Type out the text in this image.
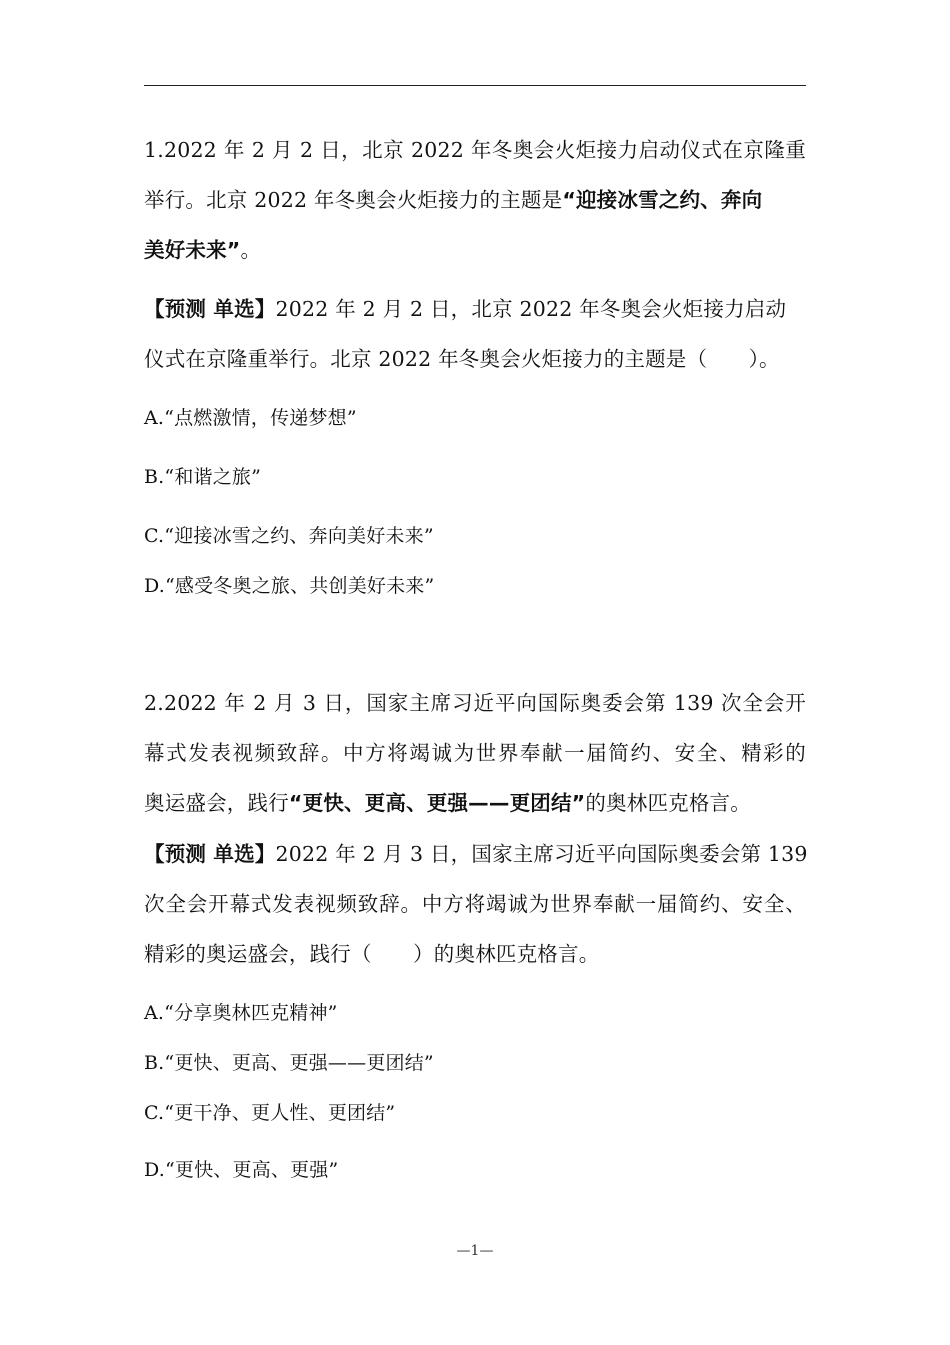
1.2022 年 2 月 2 日，北京 2022 年冬奥会火炬接力启动仪式在京隆重
举行。北京 2022 年冬奥会火炬接力的主题是“迎接冰雪之约、奔向
美好未来”。
【预测 单选】2022 年 2 月 2 日，北京 2022 年冬奥会火炬接力启动
仪式在京隆重举行。北京 2022 年冬奥会火炬接力的主题是（　　）。
A.“点燃激情，传递梦想”
B.“和谐之旅”
C.“迎接冰雪之约、奔向美好未来”
D.“感受冬奥之旅、共创美好未来”
2.2022 年 2 月 3 日，国家主席习近平向国际奥委会第 139 次全会开
幕式发表视频致辞。中方将竭诚为世界奉献一届简约、安全、精彩的
奥运盛会，践行“更快、更高、更强——更团结”的奥林匹克格言。
【预测 单选】2022 年 2 月 3 日，国家主席习近平向国际奥委会第 139
次全会开幕式发表视频致辞。中方将竭诚为世界奉献一届简约、安全、
精彩的奥运盛会，践行（　　）的奥林匹克格言。
A.“分享奥林匹克精神”
B.“更快、更高、更强——更团结”
C.“更干净、更人性、更团结”
D.“更快、更高、更强”
—1—
